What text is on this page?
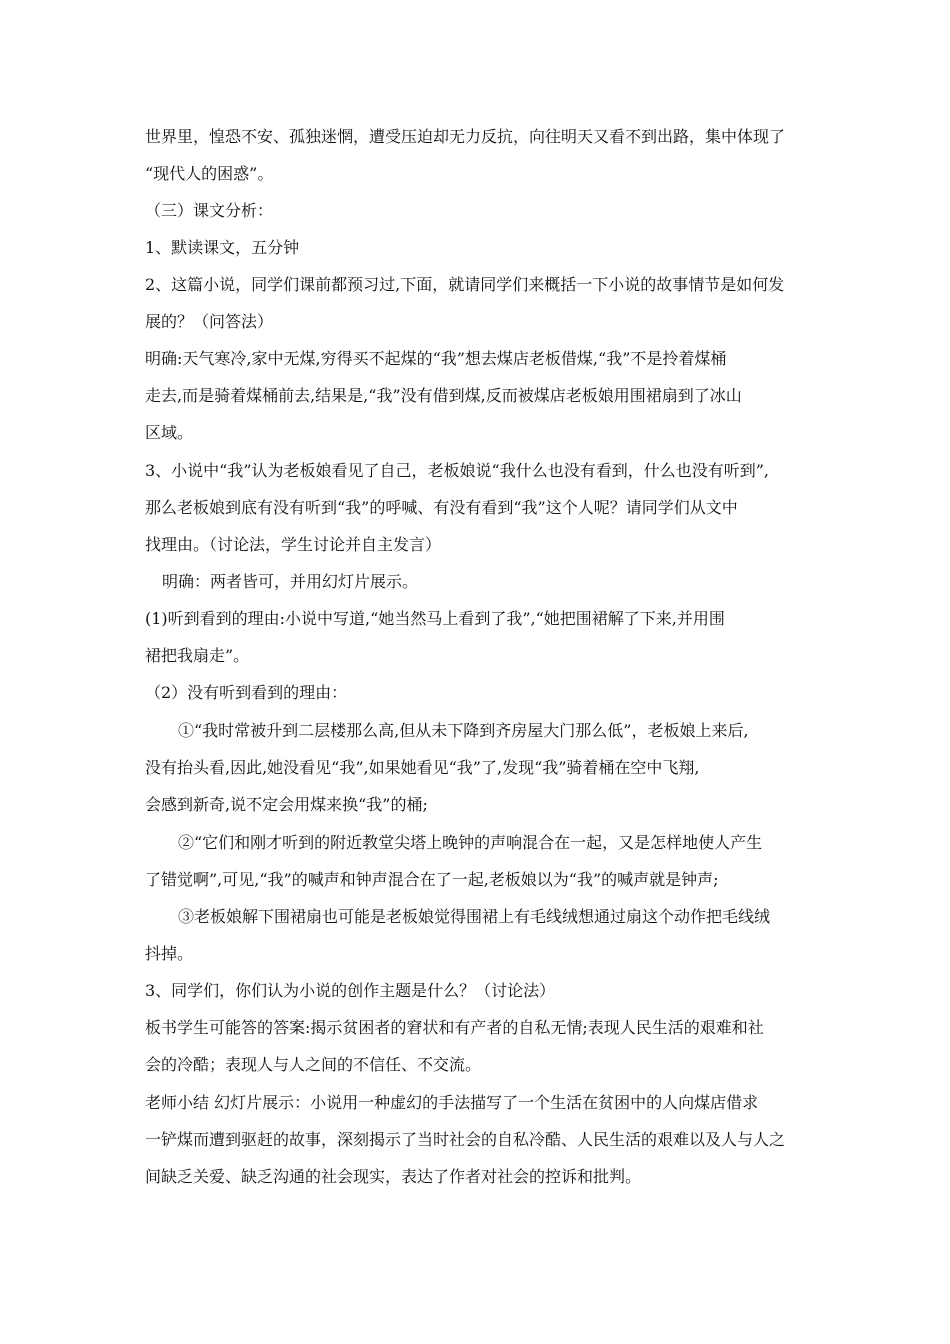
世界里，惶恐不安、孤独迷惘，遭受压迫却无力反抗，向往明天又看不到出路，集中体现了
“现代人的困惑”。
（三）课文分析：
1、默读课文，五分钟
2、这篇小说，同学们课前都预习过,下面，就请同学们来概括一下小说的故事情节是如何发
展的？（问答法）
明确:天气寒冷,家中无煤,穷得买不起煤的“我”想去煤店老板借煤,“我”不是拎着煤桶
走去,而是骑着煤桶前去,结果是,“我”没有借到煤,反而被煤店老板娘用围裙扇到了冰山
区域。
3、小说中“我”认为老板娘看见了自己，老板娘说“我什么也没有看到，什么也没有听到”,
那么老板娘到底有没有听到“我”的呼喊、有没有看到“我”这个人呢？请同学们从文中
找理由。（讨论法，学生讨论并自主发言）
明确：两者皆可，并用幻灯片展示。
(1)听到看到的理由:小说中写道,“她当然马上看到了我”,“她把围裙解了下来,并用围
裙把我扇走”。
（2）没有听到看到的理由：
①“我时常被升到二层楼那么高,但从未下降到齐房屋大门那么低”，老板娘上来后,
没有抬头看,因此,她没看见“我”,如果她看见“我”了,发现“我”骑着桶在空中飞翔,
会感到新奇,说不定会用煤来换“我”的桶;
②“它们和刚才听到的附近教堂尖塔上晚钟的声响混合在一起，又是怎样地使人产生
了错觉啊”,可见,“我”的喊声和钟声混合在了一起,老板娘以为“我”的喊声就是钟声;
③老板娘解下围裙扇也可能是老板娘觉得围裙上有毛线绒想通过扇这个动作把毛线绒
抖掉。
3、同学们，你们认为小说的创作主题是什么？（讨论法）
板书学生可能答的答案:揭示贫困者的窘状和有产者的自私无情;表现人民生活的艰难和社
会的冷酷；表现人与人之间的不信任、不交流。
老师小结 幻灯片展示：小说用一种虚幻的手法描写了一个生活在贫困中的人向煤店借求
一铲煤而遭到驱赶的故事，深刻揭示了当时社会的自私冷酷、人民生活的艰难以及人与人之
间缺乏关爱、缺乏沟通的社会现实，表达了作者对社会的控诉和批判。
